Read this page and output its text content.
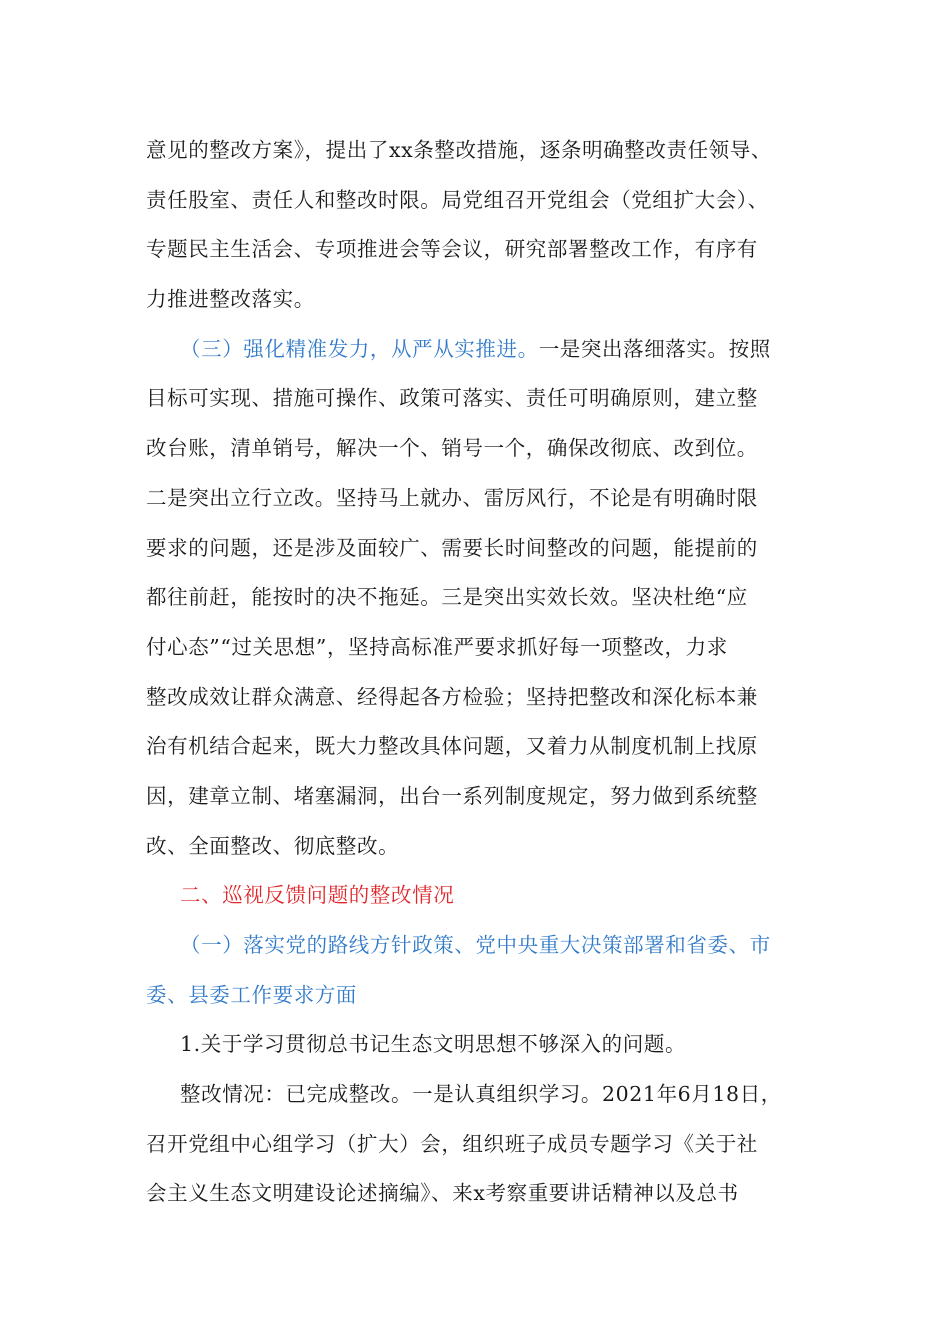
意见的整改方案》，提出了xx条整改措施，逐条明确整改责任领导、
责任股室、责任人和整改时限。局党组召开党组会（党组扩大会）、
专题民主生活会、专项推进会等会议，研究部署整改工作，有序有
力推进整改落实。
（三）强化精准发力，从严从实推进。一是突出落细落实。按照
目标可实现、措施可操作、政策可落实、责任可明确原则，建立整
改台账，清单销号，解决一个、销号一个，确保改彻底、改到位。
二是突出立行立改。坚持马上就办、雷厉风行，不论是有明确时限
要求的问题，还是涉及面较广、需要长时间整改的问题，能提前的
都往前赶，能按时的决不拖延。三是突出实效长效。坚决杜绝“应
付心态”“过关思想”，坚持高标准严要求抓好每一项整改，力求
整改成效让群众满意、经得起各方检验；坚持把整改和深化标本兼
治有机结合起来，既大力整改具体问题，又着力从制度机制上找原
因，建章立制、堵塞漏洞，出台一系列制度规定，努力做到系统整
改、全面整改、彻底整改。
二、巡视反馈问题的整改情况
（一）落实党的路线方针政策、党中央重大决策部署和省委、市
委、县委工作要求方面
1.关于学习贯彻总书记生态文明思想不够深入的问题。
整改情况：已完成整改。一是认真组织学习。2021年6月18日，
召开党组中心组学习（扩大）会，组织班子成员专题学习《关于社
会主义生态文明建设论述摘编》、来x考察重要讲话精神以及总书
